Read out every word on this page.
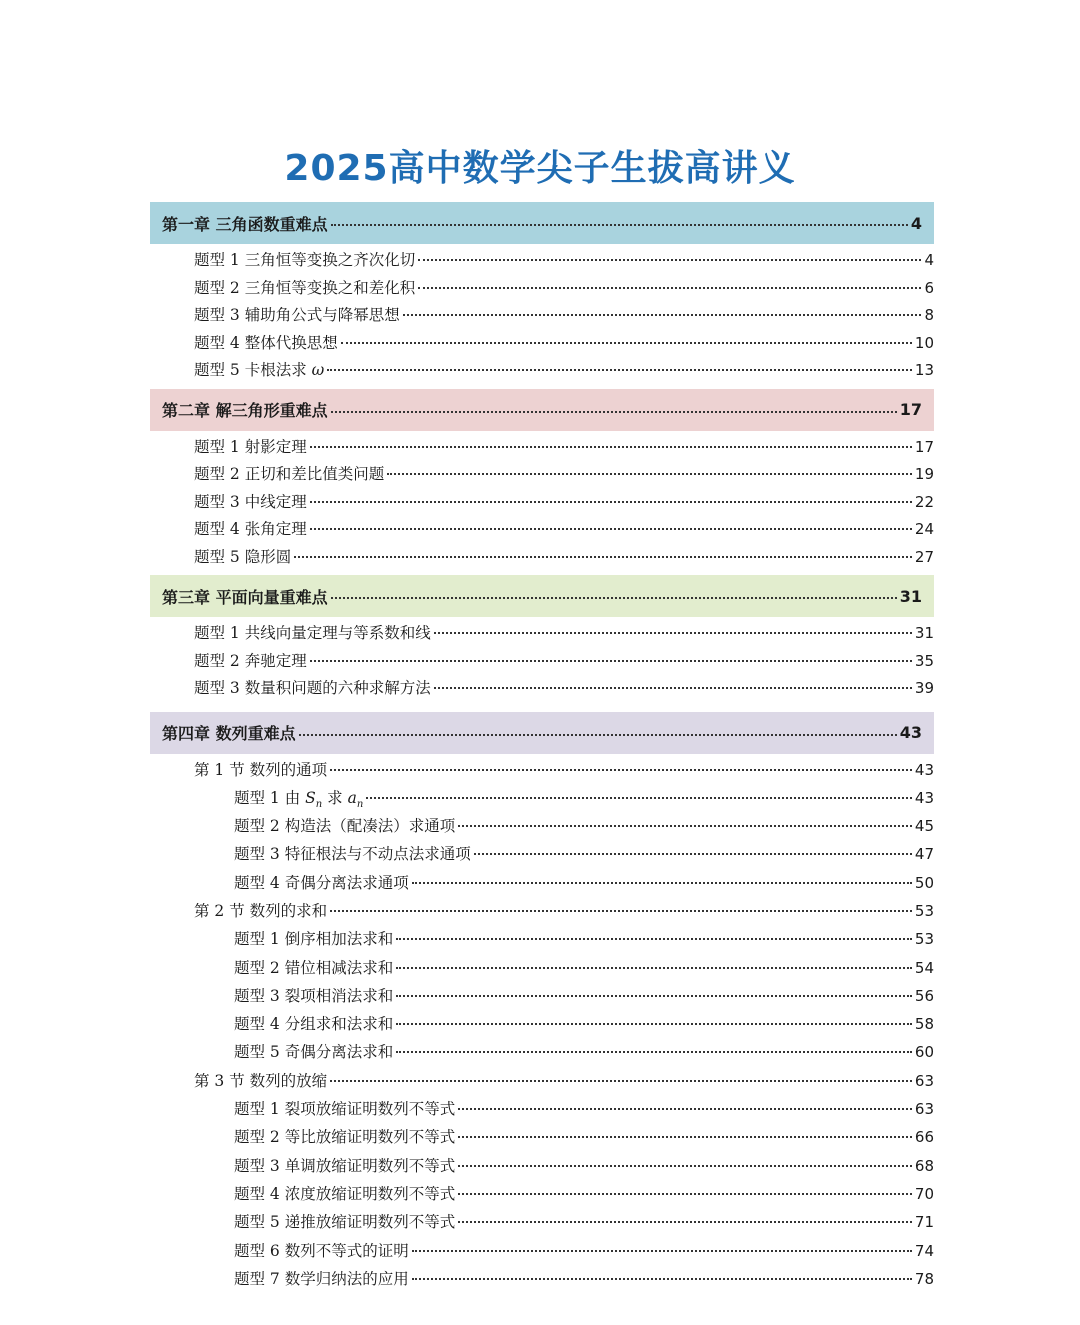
2025高中数学尖子生拔高讲义
第一章 三角函数重难点	4
题型 1 三角恒等变换之齐次化切	4
题型 2 三角恒等变换之和差化积	6
题型 3 辅助角公式与降幂思想	8
题型 4 整体代换思想	10
题型 5 卡根法求 ω	13
第二章 解三角形重难点	17
题型 1 射影定理	17
题型 2 正切和差比值类问题	19
题型 3 中线定理	22
题型 4 张角定理	24
题型 5 隐形圆	27
第三章 平面向量重难点	31
题型 1 共线向量定理与等系数和线	31
题型 2 奔驰定理	35
题型 3 数量积问题的六种求解方法	39
第四章 数列重难点	43
第 1 节 数列的通项	43
题型 1 由 $S_n$ 求 $a_n$	43
题型 2 构造法（配凑法）求通项	45
题型 3 特征根法与不动点法求通项	47
题型 4 奇偶分离法求通项	50
第 2 节 数列的求和	53
题型 1 倒序相加法求和	53
题型 2 错位相减法求和	54
题型 3 裂项相消法求和	56
题型 4 分组求和法求和	58
题型 5 奇偶分离法求和	60
第 3 节 数列的放缩	63
题型 1 裂项放缩证明数列不等式	63
题型 2 等比放缩证明数列不等式	66
题型 3 单调放缩证明数列不等式	68
题型 4 浓度放缩证明数列不等式	70
题型 5 递推放缩证明数列不等式	71
题型 6 数列不等式的证明	74
题型 7 数学归纳法的应用	78
